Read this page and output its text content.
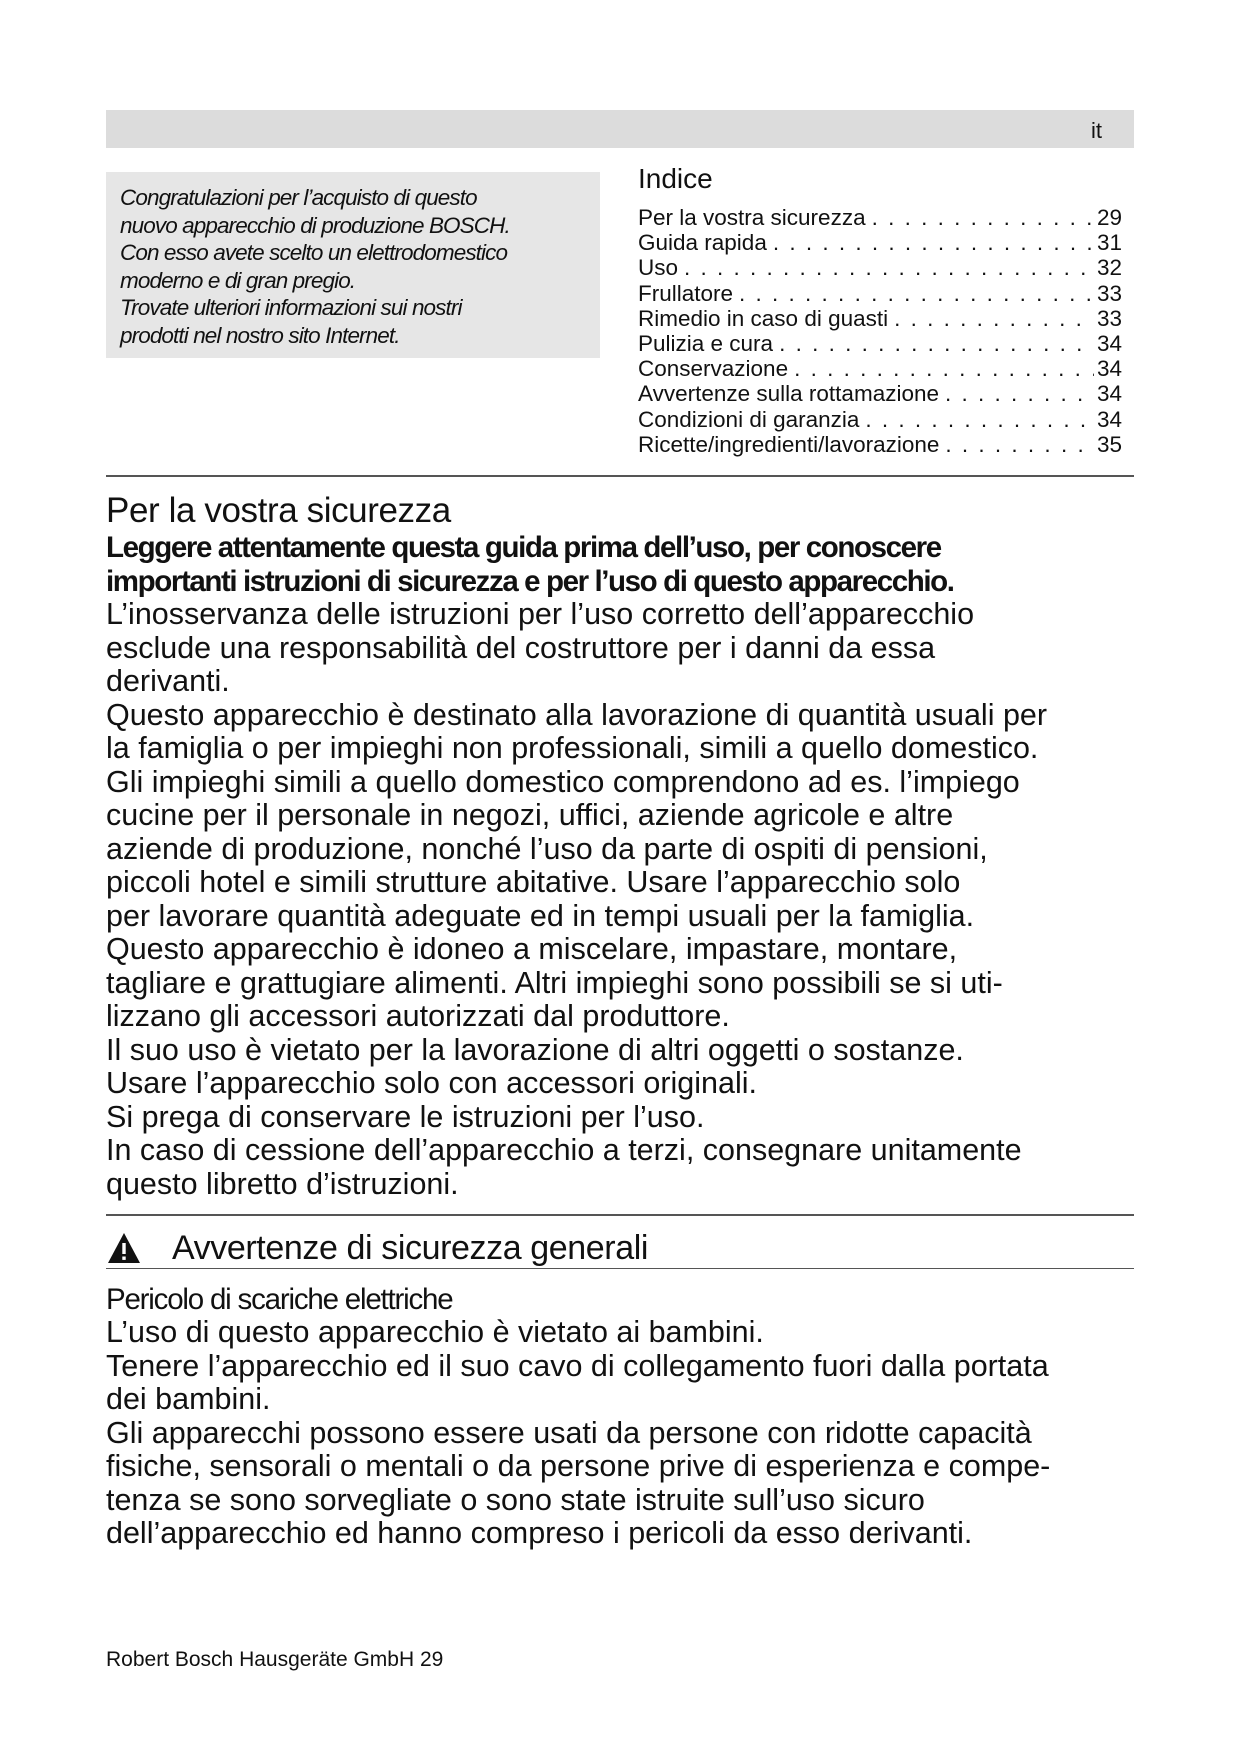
it
Congratulazioni per l’acquisto di questo
nuovo apparecchio di produzione BOSCH.
Con esso avete scelto un elettrodomestico
moderno e di gran pregio.
Trovate ulteriori informazioni sui nostri
prodotti nel nostro sito Internet.
Indice
Per la vostra sicurezza . . .	29
Guida rapida . . .	31
Uso . . .	32
Frullatore . . .	33
Rimedio in caso di guasti . . .	33
Pulizia e cura . . .	34
Conservazione . . .	34
Avvertenze sulla rottamazione . . .	34
Condizioni di garanzia . . .	34
Ricette/ingredienti/lavorazione . . .	35
Per la vostra sicurezza
Leggere attentamente questa guida prima dell’uso, per conoscere
importanti istruzioni di sicurezza e per l’uso di questo apparecchio.
L’inosservanza delle istruzioni per l’uso corretto dell’apparecchio
esclude una responsabilità del costruttore per i danni da essa
derivanti.
Questo apparecchio è destinato alla lavorazione di quantità usuali per
la famiglia o per impieghi non professionali, simili a quello domestico.
Gli impieghi simili a quello domestico comprendono ad es. l’impiego
cucine per il personale in negozi, uffici, aziende agricole e altre
aziende di produzione, nonché l’uso da parte di ospiti di pensioni,
piccoli hotel e simili strutture abitative. Usare l’apparecchio solo
per lavorare quantità adeguate ed in tempi usuali per la famiglia.
Questo apparecchio è idoneo a miscelare, impastare, montare,
tagliare e grattugiare alimenti. Altri impieghi sono possibili se si uti-
lizzano gli accessori autorizzati dal produttore.
Il suo uso è vietato per la lavorazione di altri oggetti o sostanze.
Usare l’apparecchio solo con accessori originali.
Si prega di conservare le istruzioni per l’uso.
In caso di cessione dell’apparecchio a terzi, consegnare unitamente
questo libretto d’istruzioni.
Avvertenze di sicurezza generali
Pericolo di scariche elettriche
L’uso di questo apparecchio è vietato ai bambini.
Tenere l’apparecchio ed il suo cavo di collegamento fuori dalla portata
dei bambini.
Gli apparecchi possono essere usati da persone con ridotte capacità
fisiche, sensorali o mentali o da persone prive di esperienza e compe-
tenza se sono sorvegliate o sono state istruite sull’uso sicuro
dell’apparecchio ed hanno compreso i pericoli da esso derivanti.
Robert Bosch Hausgeräte GmbH 29
